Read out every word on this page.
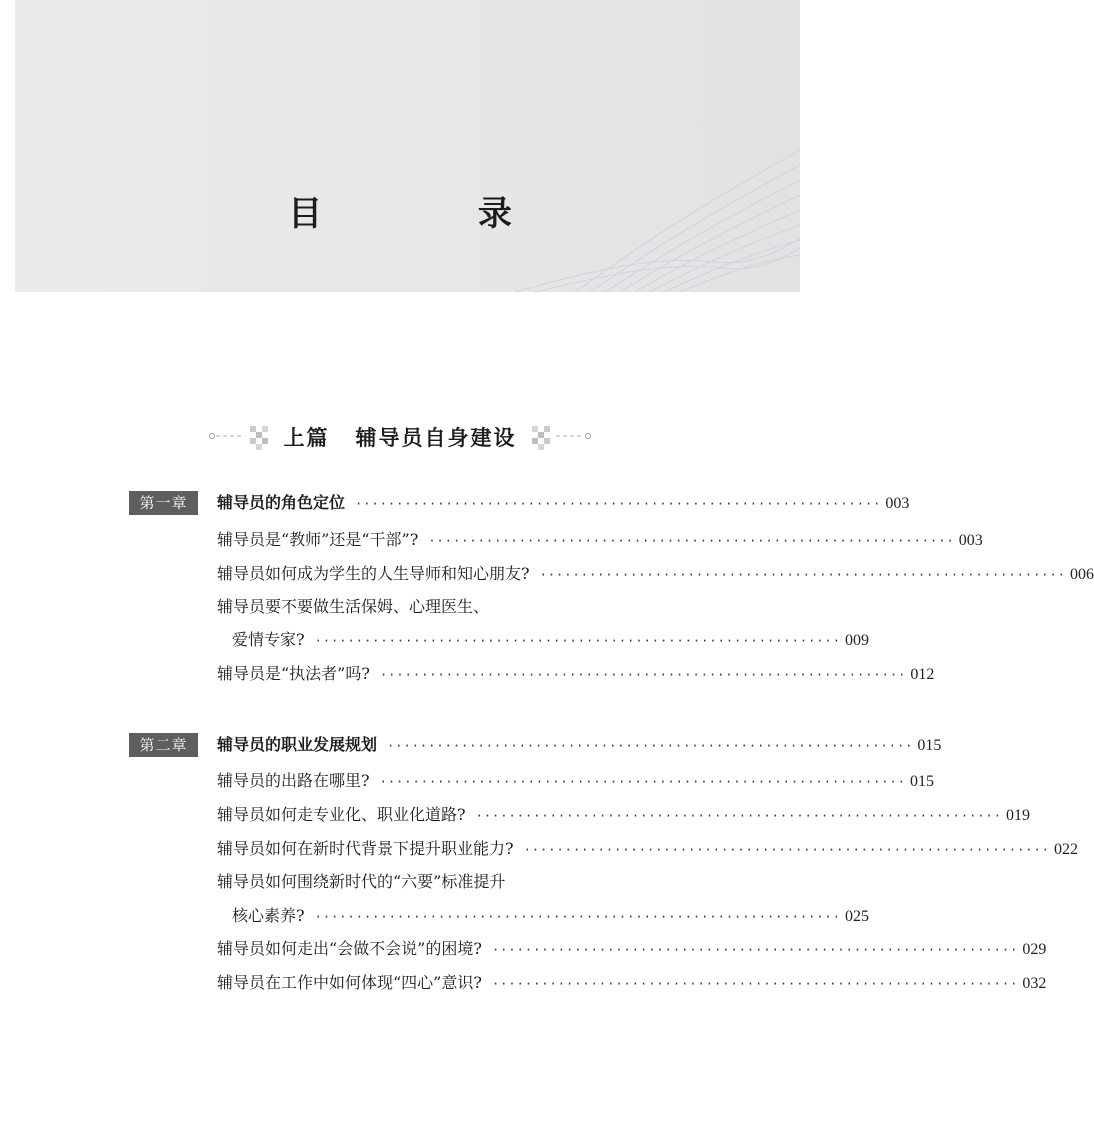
目 录
上篇 辅导员自身建设
第一章	辅导员的角色定位 ································································ 003
辅导员是“教师”还是“干部”? ································································ 003
辅导员如何成为学生的人生导师和知心朋友? ································································ 006
辅导员要不要做生活保姆、心理医生、
爱情专家? ································································ 009
辅导员是“执法者”吗? ································································ 012
第二章	辅导员的职业发展规划 ································································ 015
辅导员的出路在哪里? ································································ 015
辅导员如何走专业化、职业化道路? ································································ 019
辅导员如何在新时代背景下提升职业能力? ································································ 022
辅导员如何围绕新时代的“六要”标准提升
核心素养? ································································ 025
辅导员如何走出“会做不会说”的困境? ································································ 029
辅导员在工作中如何体现“四心”意识? ································································ 032
